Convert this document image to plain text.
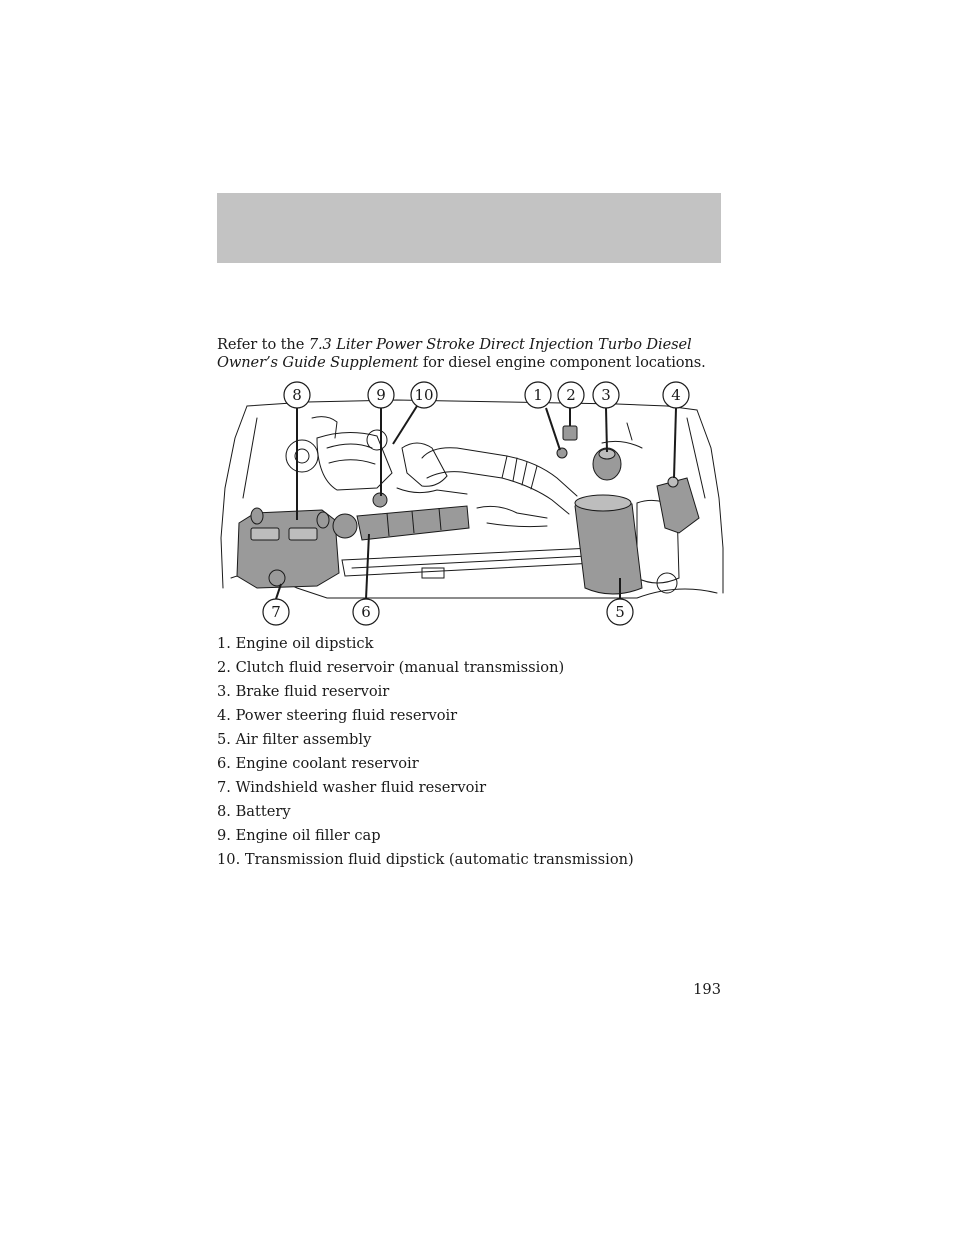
Refer to the 7.3 Liter Power Stroke Direct Injection Turbo Diesel Owner’s Guide Supplement for diesel engine component locations.

1 2 3	4
5
6
7
8	9 10
1. Engine oil dipstick
2. Clutch fluid reservoir (manual transmission)
3. Brake fluid reservoir
4. Power steering fluid reservoir
5. Air filter assembly
6. Engine coolant reservoir
7. Windshield washer fluid reservoir
8. Battery
9. Engine oil filler cap
10. Transmission fluid dipstick (automatic transmission)
193
